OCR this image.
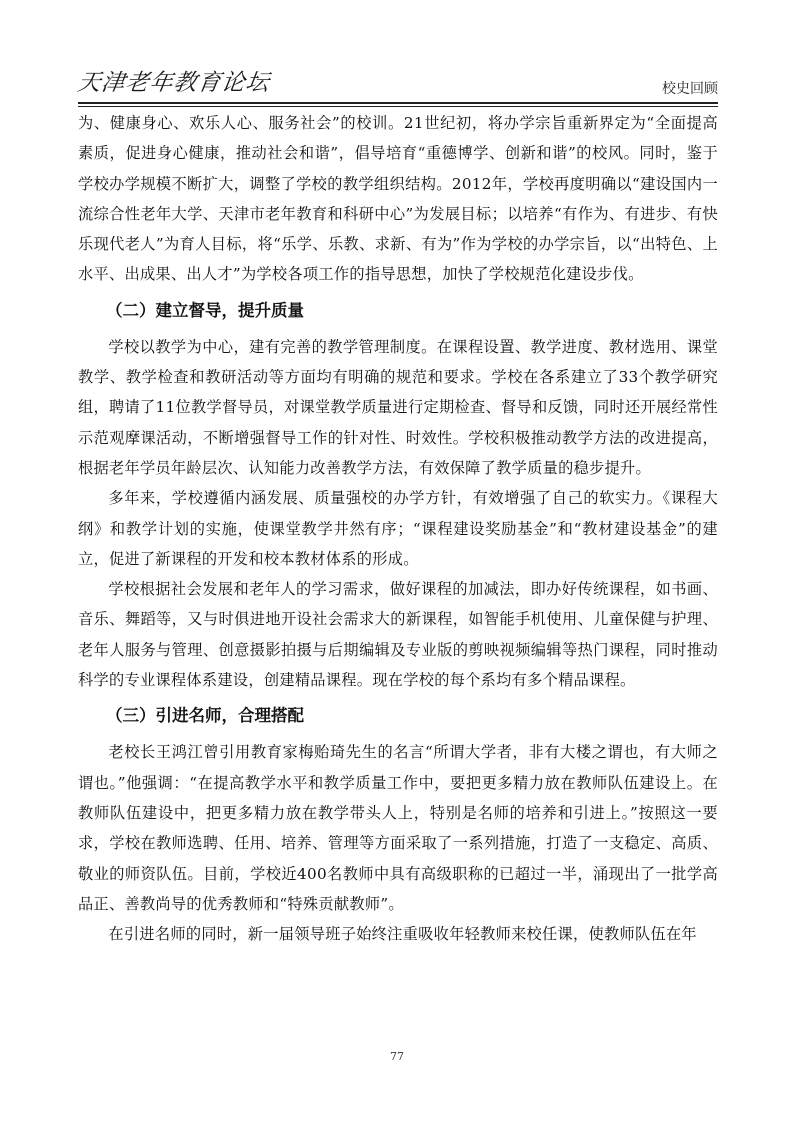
天津老年教育论坛	校史回顾

为、健康身心、欢乐人心、服务社会”的校训。21世纪初，将办学宗旨重新界定为“全面提高素质，促进身心健康，推动社会和谐”，倡导培育“重德博学、创新和谐”的校风。同时，鉴于学校办学规模不断扩大，调整了学校的教学组织结构。2012年，学校再度明确以“建设国内一流综合性老年大学、天津市老年教育和科研中心”为发展目标；以培养“有作为、有进步、有快乐现代老人”为育人目标，将“乐学、乐教、求新、有为”作为学校的办学宗旨，以“出特色、上水平、出成果、出人才”为学校各项工作的指导思想，加快了学校规范化建设步伐。

（二）建立督导，提升质量

学校以教学为中心，建有完善的教学管理制度。在课程设置、教学进度、教材选用、课堂教学、教学检查和教研活动等方面均有明确的规范和要求。学校在各系建立了33个教学研究组，聘请了11位教学督导员，对课堂教学质量进行定期检查、督导和反馈，同时还开展经常性示范观摩课活动，不断增强督导工作的针对性、时效性。学校积极推动教学方法的改进提高，根据老年学员年龄层次、认知能力改善教学方法，有效保障了教学质量的稳步提升。

多年来，学校遵循内涵发展、质量强校的办学方针，有效增强了自己的软实力。《课程大纲》和教学计划的实施，使课堂教学井然有序；“课程建设奖励基金”和“教材建设基金”的建立，促进了新课程的开发和校本教材体系的形成。

学校根据社会发展和老年人的学习需求，做好课程的加减法，即办好传统课程，如书画、音乐、舞蹈等，又与时俱进地开设社会需求大的新课程，如智能手机使用、儿童保健与护理、老年人服务与管理、创意摄影拍摄与后期编辑及专业版的剪映视频编辑等热门课程，同时推动科学的专业课程体系建设，创建精品课程。现在学校的每个系均有多个精品课程。

（三）引进名师，合理搭配

老校长王鸿江曾引用教育家梅贻琦先生的名言“所谓大学者，非有大楼之谓也，有大师之谓也。”他强调：“在提高教学水平和教学质量工作中，要把更多精力放在教师队伍建设上。在教师队伍建设中，把更多精力放在教学带头人上，特别是名师的培养和引进上。”按照这一要求，学校在教师选聘、任用、培养、管理等方面采取了一系列措施，打造了一支稳定、高质、敬业的师资队伍。目前，学校近400名教师中具有高级职称的已超过一半，涌现出了一批学高品正、善教尚导的优秀教师和“特殊贡献教师”。

在引进名师的同时，新一届领导班子始终注重吸收年轻教师来校任课，使教师队伍在年

77
